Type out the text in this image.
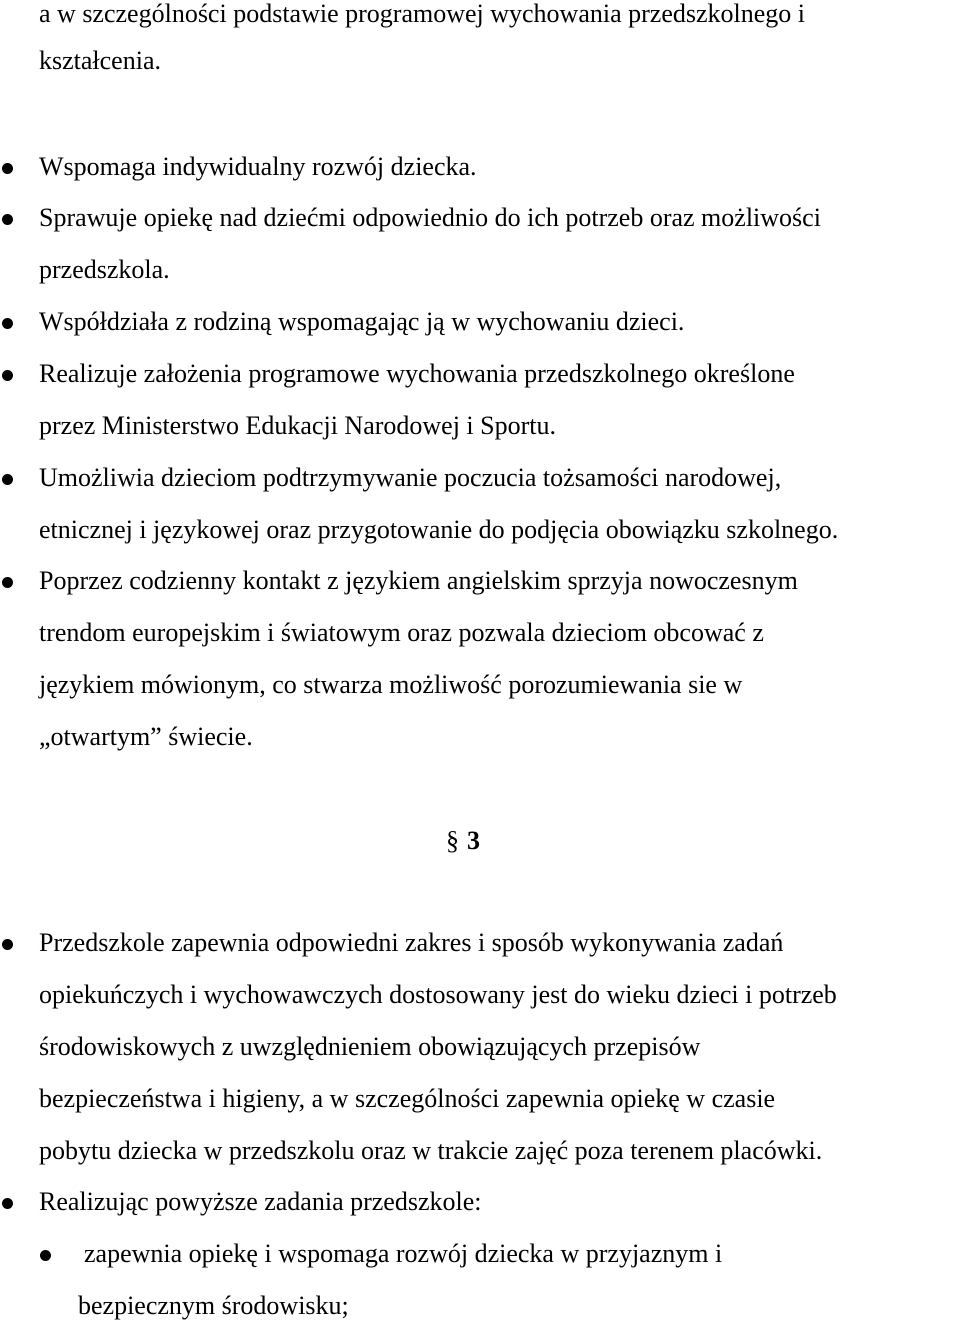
a w szczególności podstawie programowej wychowania przedszkolnego i

kształcenia.

Wspomaga indywidualny rozwój dziecka.

Sprawuje opiekę nad dziećmi odpowiednio do ich potrzeb oraz możliwości

przedszkola.

Współdziała z rodziną wspomagając ją w wychowaniu dzieci.

Realizuje założenia programowe wychowania przedszkolnego określone

przez Ministerstwo Edukacji Narodowej i Sportu.

Umożliwia dzieciom podtrzymywanie poczucia tożsamości narodowej,

etnicznej i językowej oraz przygotowanie do podjęcia obowiązku szkolnego.

Poprzez codzienny kontakt z językiem angielskim sprzyja nowoczesnym

trendom europejskim i światowym oraz pozwala dzieciom obcować z

językiem mówionym, co stwarza możliwość porozumiewania sie w

„otwartym” świecie.

§ 3

Przedszkole zapewnia odpowiedni zakres i sposób wykonywania zadań

opiekuńczych i wychowawczych dostosowany jest do wieku dzieci i potrzeb

środowiskowych z uwzględnieniem obowiązujących przepisów

bezpieczeństwa i higieny, a w szczególności zapewnia opiekę w czasie

pobytu dziecka w przedszkolu oraz w trakcie zajęć poza terenem placówki.

Realizując powyższe zadania przedszkole:

zapewnia opiekę i wspomaga rozwój dziecka w przyjaznym i

bezpiecznym środowisku;
